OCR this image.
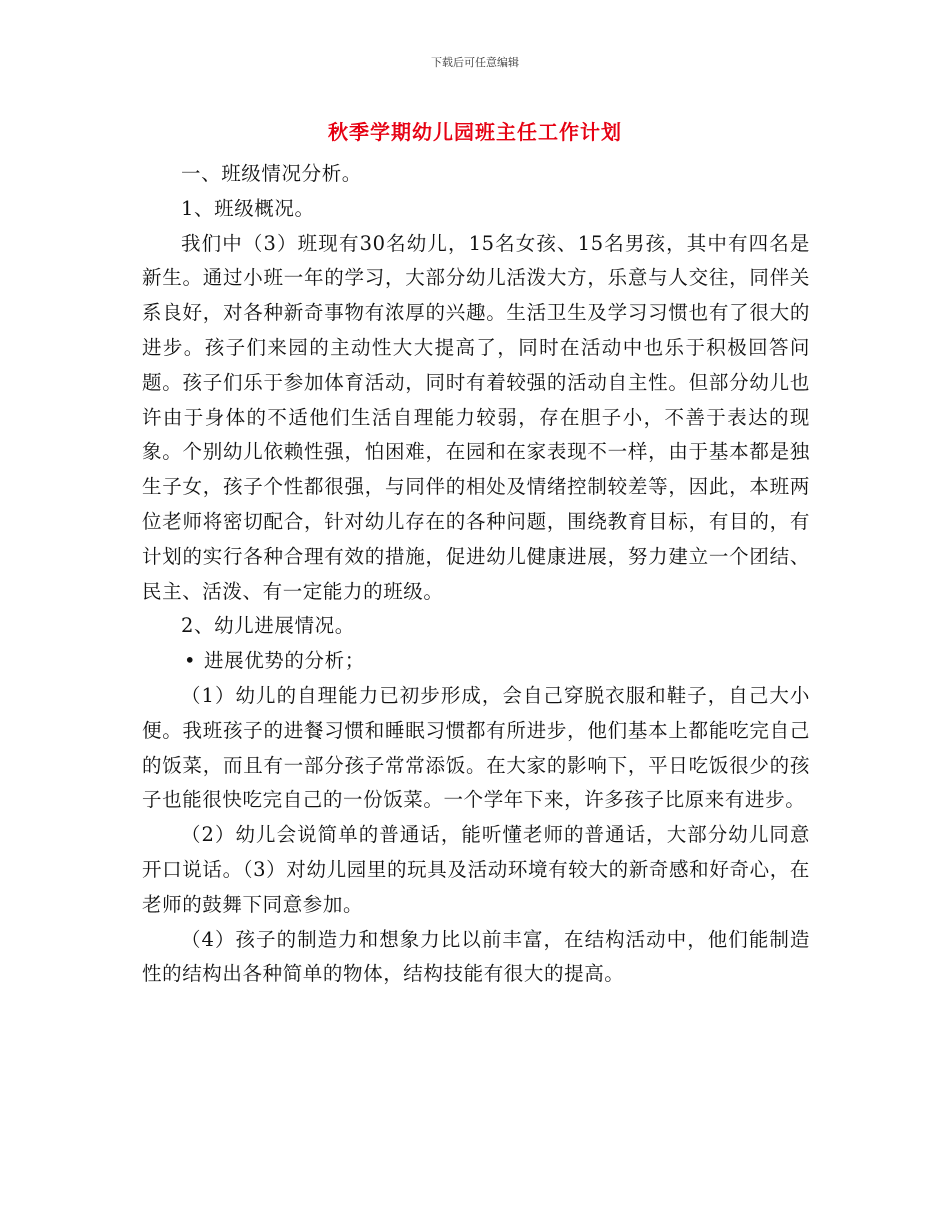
下载后可任意编辑
秋季学期幼儿园班主任工作计划

一、班级情况分析。

1、班级概况。

我们中（3）班现有30名幼儿，15名女孩、15名男孩，其中有四名是新生。通过小班一年的学习，大部分幼儿活泼大方，乐意与人交往，同伴关系良好，对各种新奇事物有浓厚的兴趣。生活卫生及学习习惯也有了很大的进步。孩子们来园的主动性大大提高了，同时在活动中也乐于积极回答问题。孩子们乐于参加体育活动，同时有着较强的活动自主性。但部分幼儿也许由于身体的不适他们生活自理能力较弱，存在胆子小，不善于表达的现象。个别幼儿依赖性强，怕困难，在园和在家表现不一样，由于基本都是独生子女，孩子个性都很强，与同伴的相处及情绪控制较差等，因此，本班两位老师将密切配合，针对幼儿存在的各种问题，围绕教育目标，有目的，有计划的实行各种合理有效的措施，促进幼儿健康进展，努力建立一个团结、民主、活泼、有一定能力的班级。

2、幼儿进展情况。

• 进展优势的分析；

（1）幼儿的自理能力已初步形成，会自己穿脱衣服和鞋子，自己大小便。我班孩子的进餐习惯和睡眠习惯都有所进步，他们基本上都能吃完自己的饭菜，而且有一部分孩子常常添饭。在大家的影响下，平日吃饭很少的孩子也能很快吃完自己的一份饭菜。一个学年下来，许多孩子比原来有进步。

（2）幼儿会说简单的普通话，能听懂老师的普通话，大部分幼儿同意开口说话。（3）对幼儿园里的玩具及活动环境有较大的新奇感和好奇心，在老师的鼓舞下同意参加。

（4）孩子的制造力和想象力比以前丰富，在结构活动中，他们能制造性的结构出各种简单的物体，结构技能有很大的提高。
